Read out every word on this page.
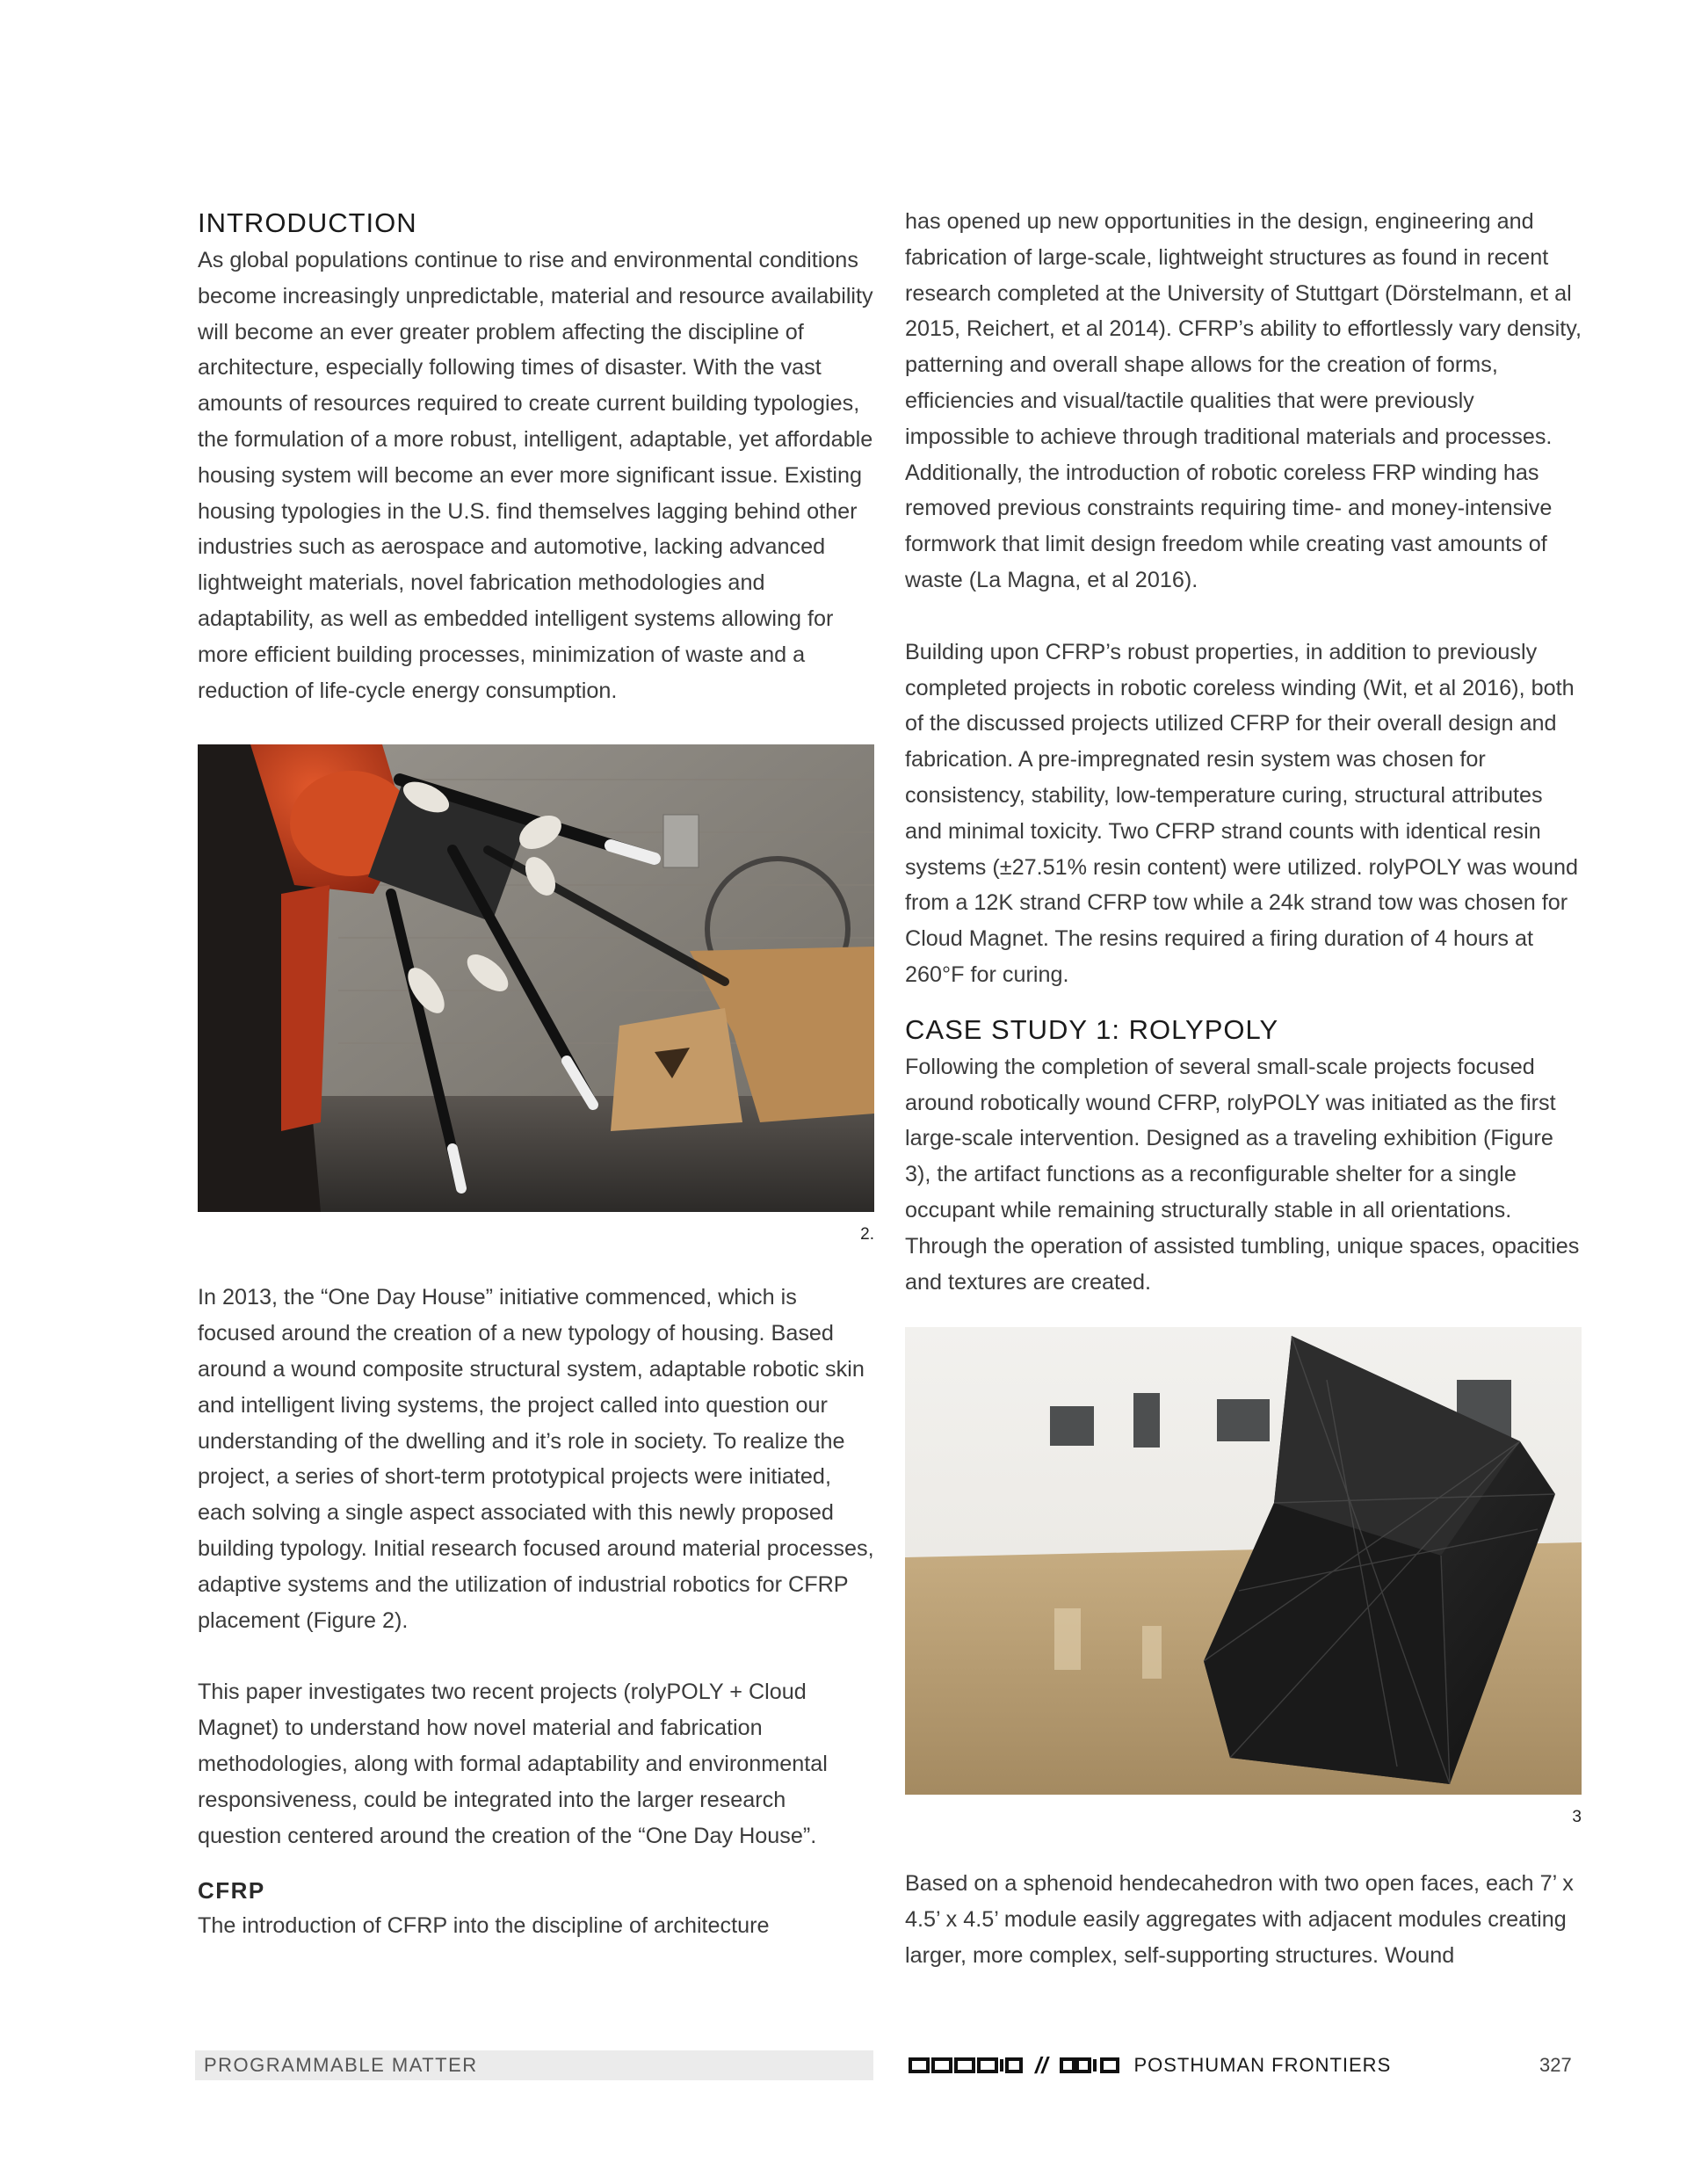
INTRODUCTION

As global populations continue to rise and environmental conditions become increasingly unpredictable, material and resource availability will become an ever greater problem affecting the discipline of architecture, especially following times of disaster. With the vast amounts of resources required to create current building typologies, the formulation of a more robust, intelligent, adaptable, yet affordable housing system will become an ever more significant issue. Existing housing typologies in the U.S. find themselves lagging behind other industries such as aerospace and automotive, lacking advanced lightweight materials, novel fabrication methodologies and adaptability, as well as embedded intelligent systems allowing for more efficient building processes, minimization of waste and a reduction of life-cycle energy consumption.

2.

In 2013, the “One Day House” initiative commenced, which is focused around the creation of a new typology of housing. Based around a wound composite structural system, adaptable robotic skin and intelligent living systems, the project called into question our understanding of the dwelling and it’s role in society. To realize the project, a series of short-term prototypical projects were initiated, each solving a single aspect associated with this newly proposed building typology. Initial research focused around material processes, adaptive systems and the utilization of industrial robotics for CFRP placement (Figure 2).

This paper investigates two recent projects (rolyPOLY + Cloud Magnet) to understand how novel material and fabrication methodologies, along with formal adaptability and environmental responsiveness, could be integrated into the larger research question centered around the creation of the “One Day House”.

CFRP

The introduction of CFRP into the discipline of architecture

has opened up new opportunities in the design, engineering and fabrication of large-scale, lightweight structures as found in recent research completed at the University of Stuttgart (Dörstelmann, et al 2015, Reichert, et al 2014). CFRP’s ability to effortlessly vary density, patterning and overall shape allows for the creation of forms, efficiencies and visual/tactile qualities that were previously impossible to achieve through traditional materials and processes. Additionally, the introduction of robotic coreless FRP winding has removed previous constraints requiring time- and money-intensive formwork that limit design freedom while creating vast amounts of waste (La Magna, et al 2016).

Building upon CFRP’s robust properties, in addition to previously completed projects in robotic coreless winding (Wit, et al 2016), both of the discussed projects utilized CFRP for their overall design and fabrication. A pre-impregnated resin system was chosen for consistency, stability, low-temperature curing, structural attributes and minimal toxicity. Two CFRP strand counts with identical resin systems (±27.51% resin content) were utilized. rolyPOLY was wound from a 12K strand CFRP tow while a 24k strand tow was chosen for Cloud Magnet. The resins required a firing duration of 4 hours at 260°F for curing.

CASE STUDY 1: ROLYPOLY

Following the completion of several small-scale projects focused around robotically wound CFRP, rolyPOLY was initiated as the first large-scale intervention. Designed as a traveling exhibition (Figure 3), the artifact functions as a reconfigurable shelter for a single occupant while remaining structurally stable in all orientations. Through the operation of assisted tumbling, unique spaces, opacities and textures are created.

3

Based on a sphenoid hendecahedron with two open faces, each 7’ x 4.5’ x 4.5’ module easily aggregates with adjacent modules creating larger, more complex, self-supporting structures. Wound

PROGRAMMABLE MATTER	//	POSTHUMAN FRONTIERS	327
